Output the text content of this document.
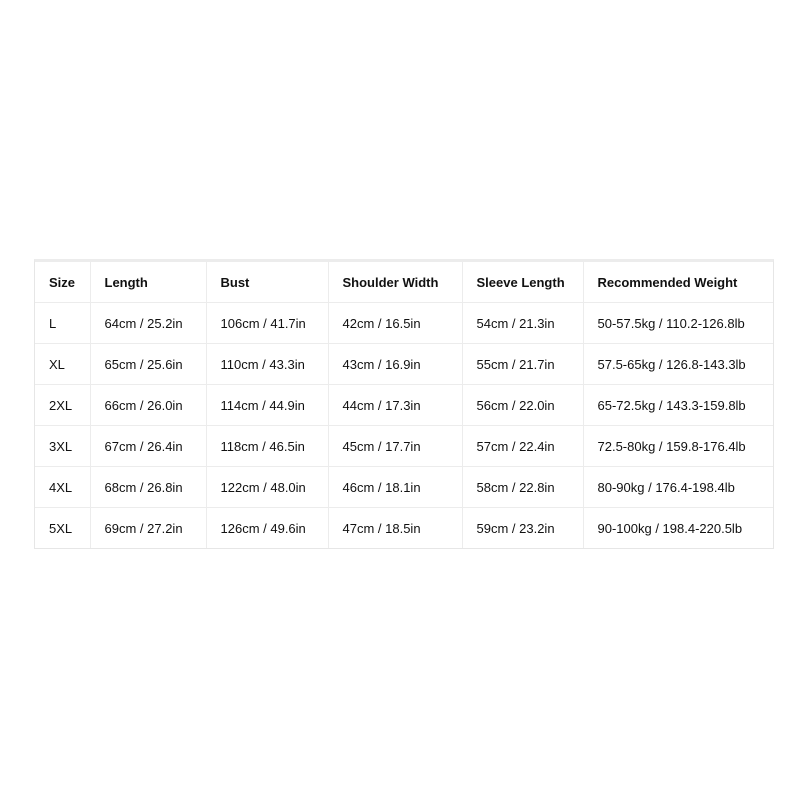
Size	Length	Bust	Shoulder Width	Sleeve Length	Recommended Weight
L	64cm / 25.2in	106cm / 41.7in	42cm / 16.5in	54cm / 21.3in	50-57.5kg / 110.2-126.8lb
XL	65cm / 25.6in	110cm / 43.3in	43cm / 16.9in	55cm / 21.7in	57.5-65kg / 126.8-143.3lb
2XL	66cm / 26.0in	114cm / 44.9in	44cm / 17.3in	56cm / 22.0in	65-72.5kg / 143.3-159.8lb
3XL	67cm / 26.4in	118cm / 46.5in	45cm / 17.7in	57cm / 22.4in	72.5-80kg / 159.8-176.4lb
4XL	68cm / 26.8in	122cm / 48.0in	46cm / 18.1in	58cm / 22.8in	80-90kg / 176.4-198.4lb
5XL	69cm / 27.2in	126cm / 49.6in	47cm / 18.5in	59cm / 23.2in	90-100kg / 198.4-220.5lb
